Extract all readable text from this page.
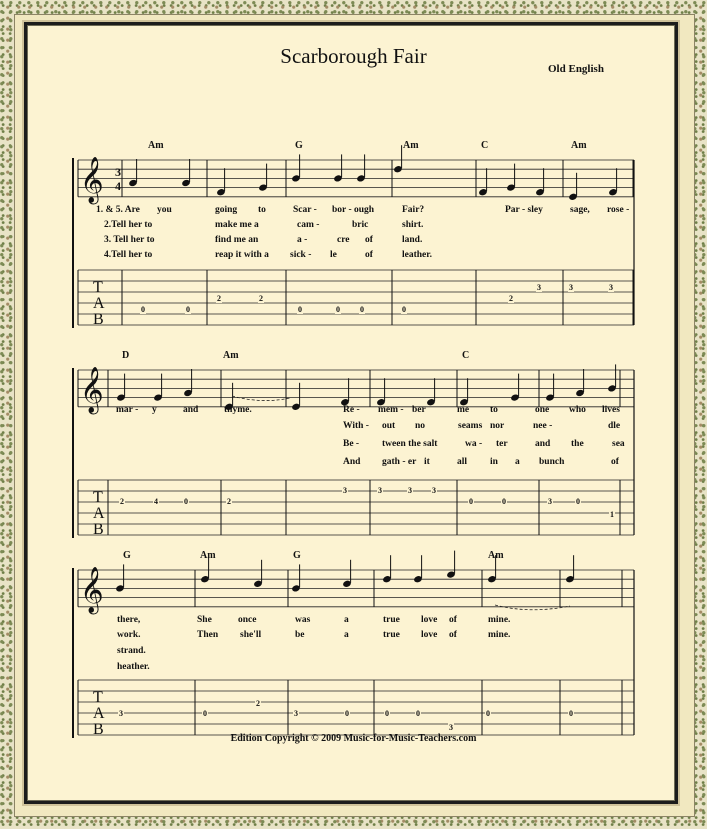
Scarborough Fair
Old English
𝄞
T
A
B
3
4
Am	G	Am	C	Am
1. & 5. Are you	going to	Scar - bor - ough	Fair?	Par - sley	sage, rose -
2.Tell her to	make me a	cam -	bric	shirt.
3. Tell her to	find me an	a -	cre of	land.
4.Tell her to	reap it with a sick - le	of	leather.
0	0
2	2
0	0	0	0
2
3	3	3
𝄞
T
A
B
D	Am	C
mar - y	and	thyme.	Re - mem - ber	me to	one who lives
With - out no	seams nor	nee -	dle
Be - tween the salt	wa - ter	and the	sea
And gath - er it	all in a bunch	of
2	4	0	2
3	3	3	3
0	0	3	0
1
𝄞
T
A
B
G	Am	G	Am
there,	She	once	was	a	true love of	mine.
work.	Then she'll	be	a	true love of	mine.
strand.
heather.
3	0
2
3	0	0	0
3
0	0
Edition Copyright © 2009 Music-for-Music-Teachers.com
